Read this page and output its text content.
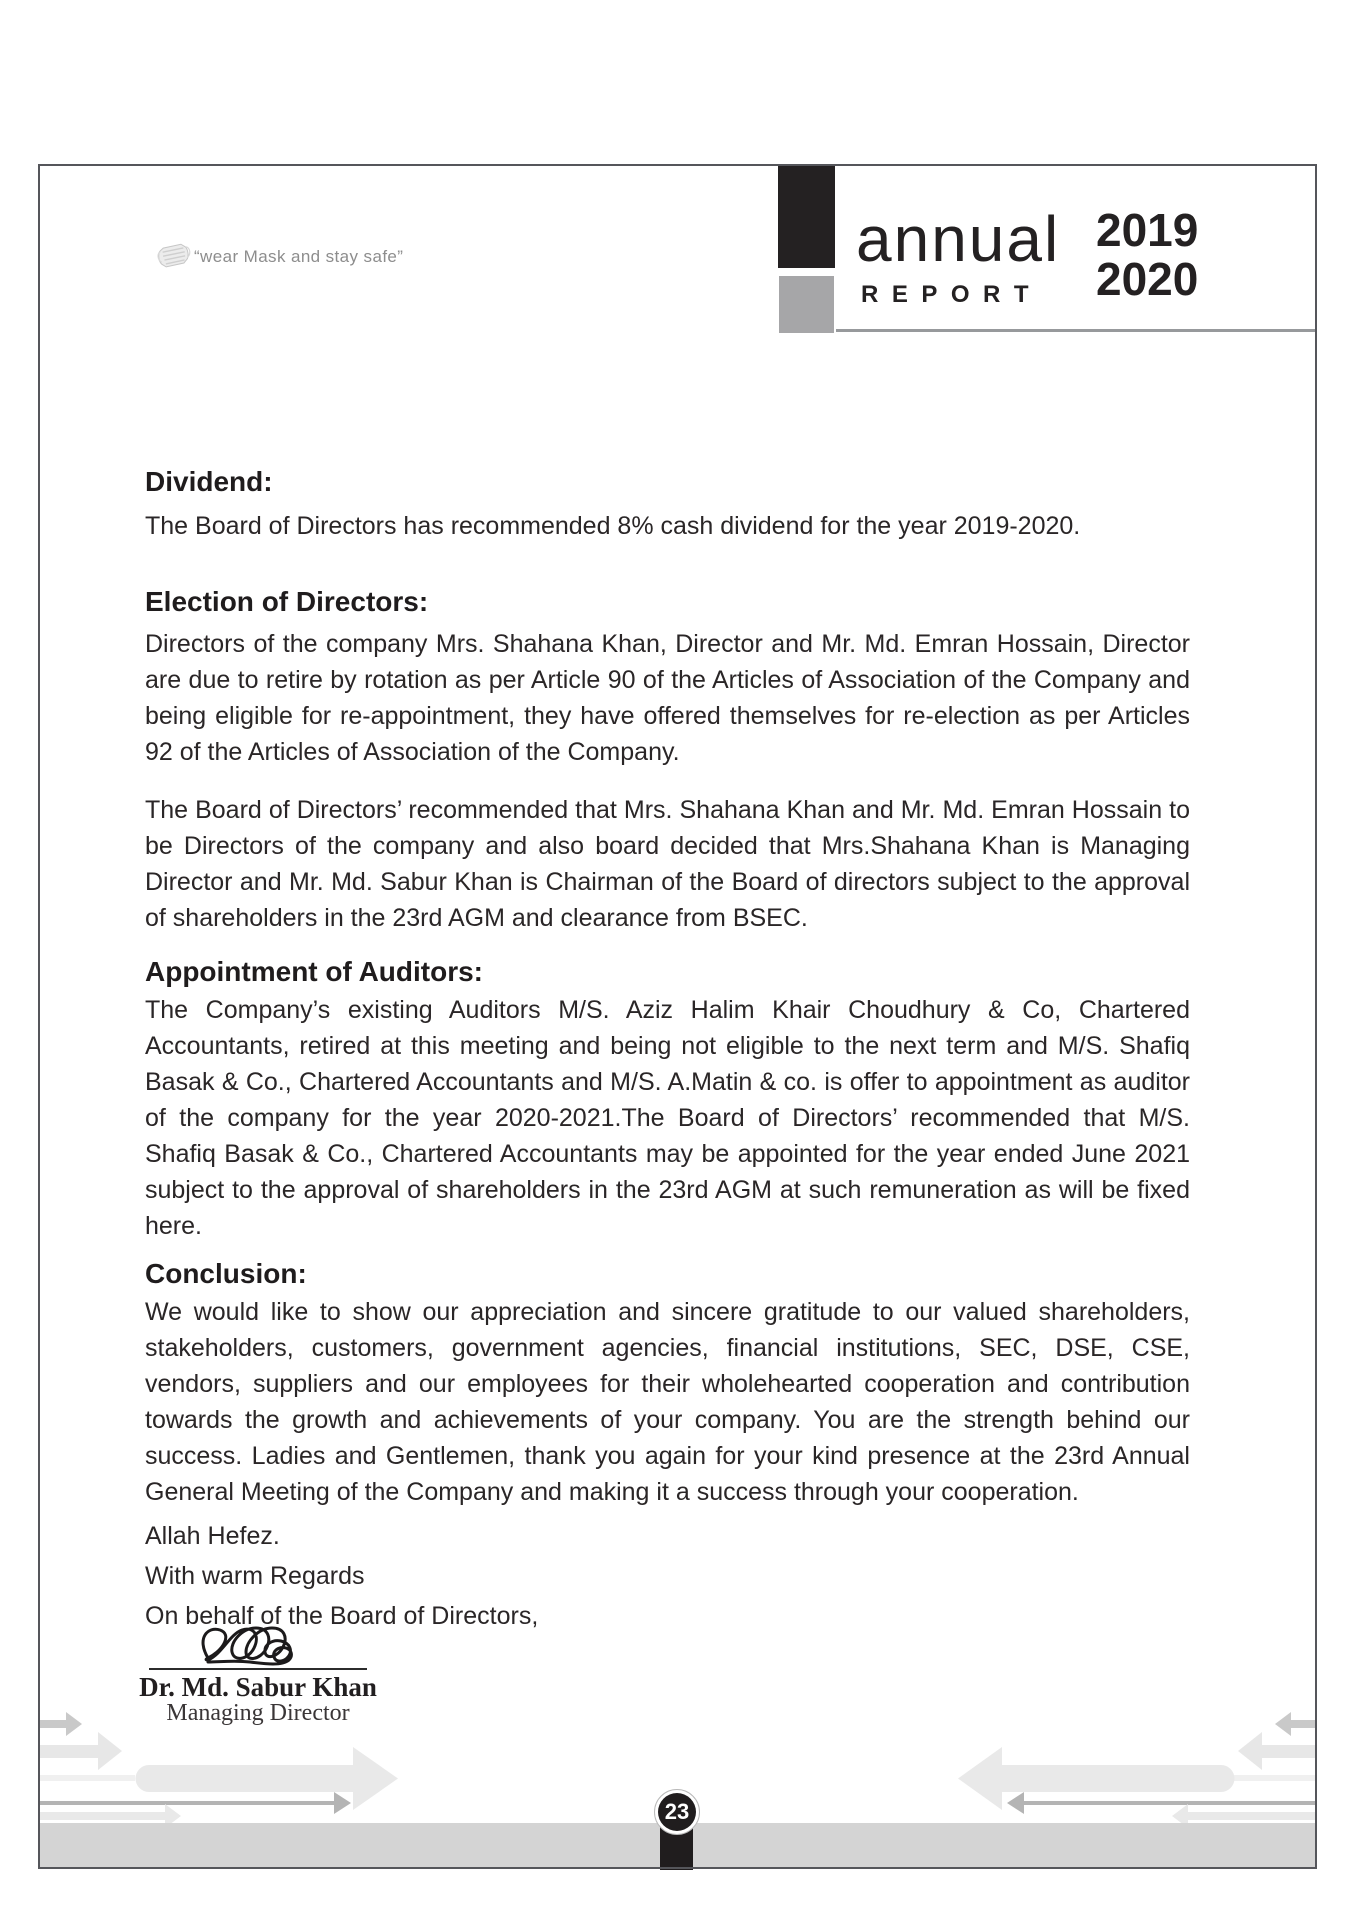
“wear Mask and stay safe”	annual
REPORT
2019
2020
Dividend:

The Board of Directors has recommended 8% cash dividend for the year 2019-2020.

Election of Directors:

Directors of the company Mrs. Shahana Khan, Director and Mr. Md. Emran Hossain, Director are due to retire by rotation as per Article 90 of the Articles of Association of the Company and being eligible for re-appointment, they have offered themselves for re-election as per Articles 92 of the Articles of Association of the Company.

The Board of Directors’ recommended that Mrs. Shahana Khan and Mr. Md. Emran Hossain to be Directors of the company and also board decided that Mrs.Shahana Khan is Managing Director and Mr. Md. Sabur Khan is Chairman of the Board of directors subject to the approval of shareholders in the 23rd AGM and clearance from BSEC.

Appointment of Auditors:

The Company’s existing Auditors M/S. Aziz Halim Khair Choudhury & Co, Chartered Accountants, retired at this meeting and being not eligible to the next term and M/S. Shafiq Basak & Co., Chartered Accountants and M/S. A.Matin & co. is offer to appointment as auditor of the company for the year 2020-2021.The Board of Directors’ recommended that M/S. Shafiq Basak & Co., Chartered Accountants may be appointed for the year ended June 2021 subject to the approval of shareholders in the 23rd AGM at such remuneration as will be fixed here.

Conclusion:

We would like to show our appreciation and sincere gratitude to our valued shareholders, stakeholders, customers, government agencies, financial institutions, SEC, DSE, CSE, vendors, suppliers and our employees for their wholehearted cooperation and contribution towards the growth and achievements of your company. You are the strength behind our success. Ladies and Gentlemen, thank you again for your kind presence at the 23rd Annual General Meeting of the Company and making it a success through your cooperation.

Allah Hefez.

With warm Regards

On behalf of the Board of Directors,

Dr. Md. Sabur Khan
Managing Director
23
